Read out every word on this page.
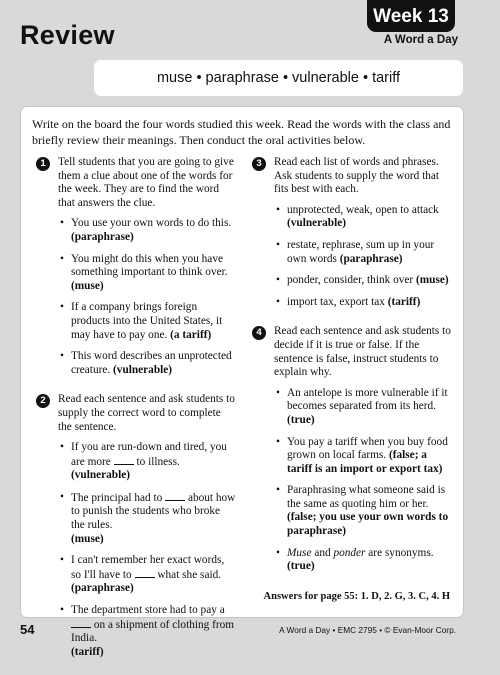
Review
Week 13
A Word a Day
muse • paraphrase • vulnerable • tariff
Write on the board the four words studied this week. Read the words with the class and briefly review their meanings. Then conduct the oral activities below.
1	Tell students that you are going to give them a clue about one of the words for the week. They are to find the word that answers the clue.

• You use your own words to do this.
(paraphrase)
• You might do this when you have something important to think over.
(muse)
• If a company brings foreign products into the United States, it may have to pay one. (a tariff)
• This word describes an unprotected creature. (vulnerable)
2	Read each sentence and ask students to supply the correct word to complete the sentence.

• If you are run-down and tired, you are more to illness. (vulnerable)
• The principal had to about how to punish the students who broke the rules.
(muse)
• I can't remember her exact words, so I'll have to what she said.
(paraphrase)
• The department store had to pay a  on a shipment of clothing from India.
(tariff)
3	Read each list of words and phrases. Ask students to supply the word that fits best with each.

• unprotected, weak, open to attack
(vulnerable)
• restate, rephrase, sum up in your own words (paraphrase)
• ponder, consider, think over (muse)
• import tax, export tax (tariff)
4	Read each sentence and ask students to decide if it is true or false. If the sentence is false, instruct students to explain why.

• An antelope is more vulnerable if it becomes separated from its herd. (true)
• You pay a tariff when you buy food grown on local farms. (false; a tariff is an import or export tax)
• Paraphrasing what someone said is the same as quoting him or her. (false; you use your own words to paraphrase)
• Muse and ponder are synonyms. (true)
Answers for page 55: 1. D, 2. G, 3. C, 4. H
54	A Word a Day • EMC 2795 • © Evan-Moor Corp.
